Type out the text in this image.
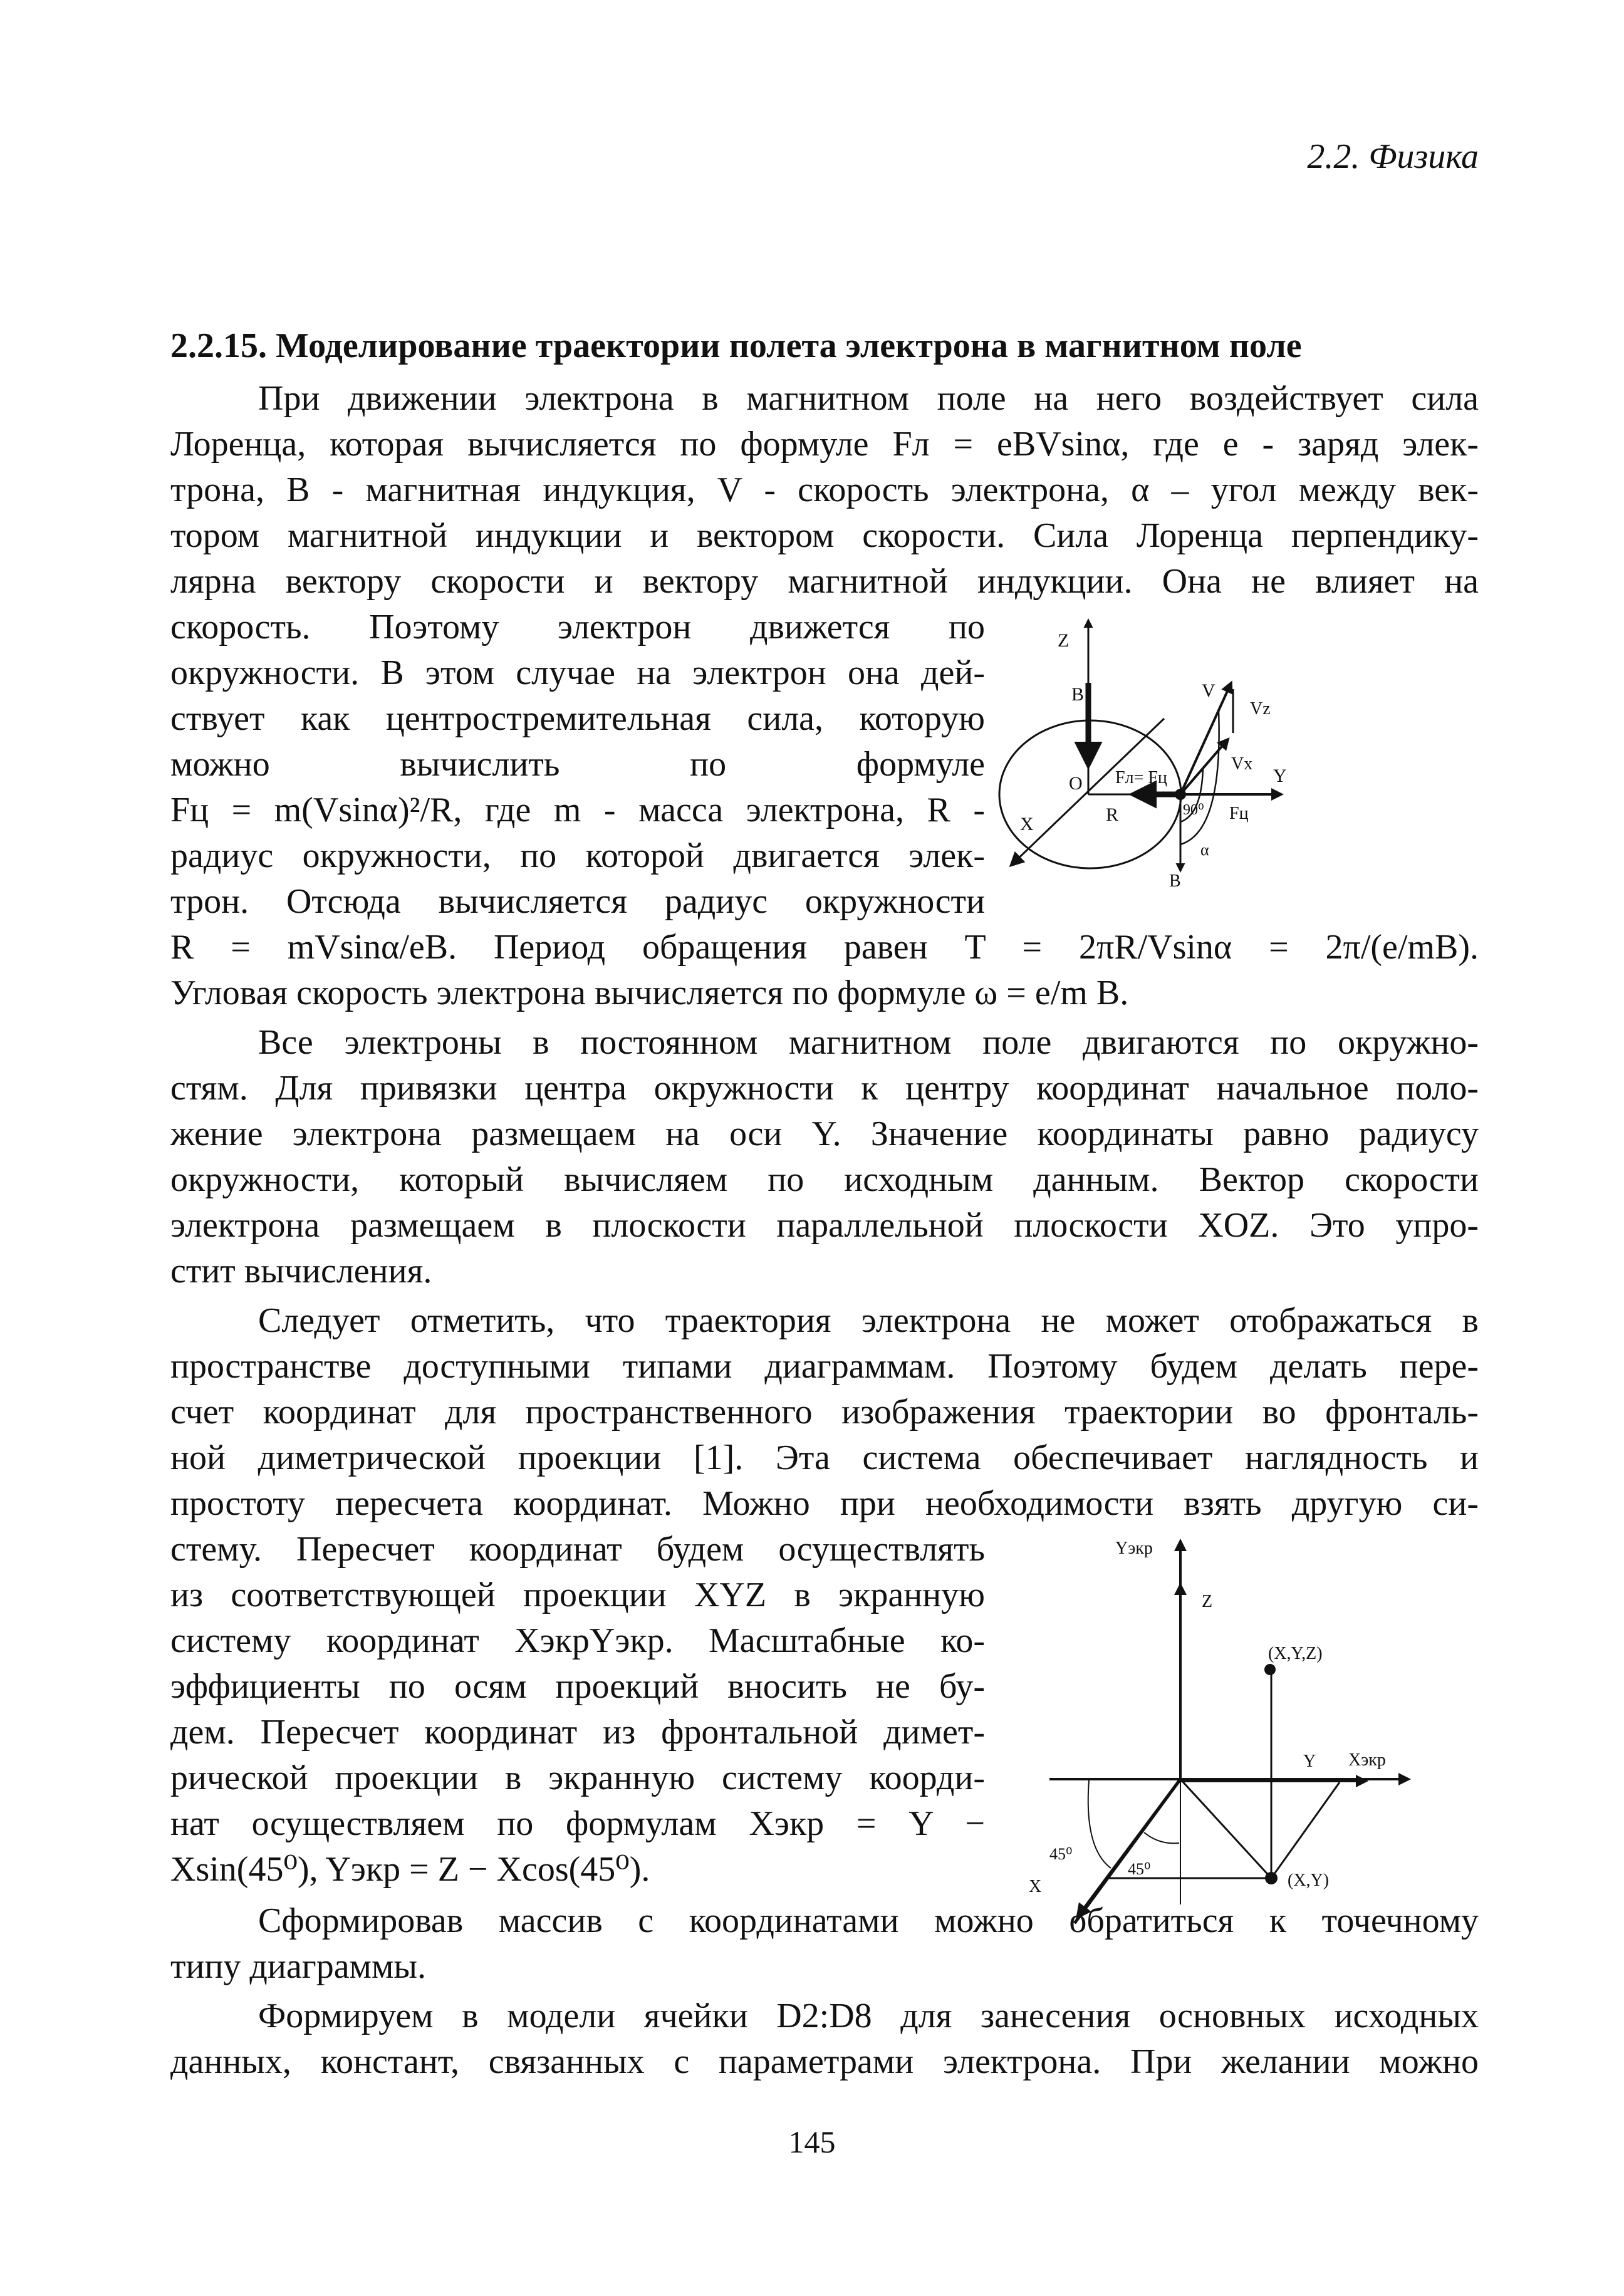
2.2. Физика
2.2.15. Моделирование траектории полета электрона в магнитном поле
При движении электрона в магнитном поле на него воздействует сила
Лоренца, которая вычисляется по формуле Fл = eBVsinα, где e - заряд элек-
трона, B - магнитная индукция, V - скорость электрона, α – угол между век-
тором магнитной индукции и вектором скорости. Сила Лоренца перпендику-
лярна вектору скорости и вектору магнитной индукции. Она не влияет на
скорость. Поэтому электрон движется по
окружности. В этом случае на электрон она дей-
ствует как центростремительная сила, которую
можно вычислить по формуле
Fц = m(Vsinα)²/R, где m - масса электрона, R -
радиус окружности, по которой двигается элек-
трон. Отсюда вычисляется радиус окружности
R = mVsinα/eB. Период обращения равен T = 2πR/Vsinα = 2π/(e/mB).
Угловая скорость электрона вычисляется по формуле ω = e/m B.
Все электроны в постоянном магнитном поле двигаются по окружно-
стям. Для привязки центра окружности к центру координат начальное поло-
жение электрона размещаем на оси Y. Значение координаты равно радиусу
окружности, который вычисляем по исходным данным. Вектор скорости
электрона размещаем в плоскости параллельной плоскости XOZ. Это упро-
стит вычисления.
Следует отметить, что траектория электрона не может отображаться в
пространстве доступными типами диаграммам. Поэтому будем делать пере-
счет координат для пространственного изображения траектории во фронталь-
ной диметрической проекции [1]. Эта система обеспечивает наглядность и
простоту пересчета координат. Можно при необходимости взять другую си-
стему. Пересчет координат будем осуществлять
из соответствующей проекции XYZ в экранную
систему координат XэкрYэкр. Масштабные ко-
эффициенты по осям проекций вносить не бу-
дем. Пересчет координат из фронтальной димет-
рической проекции в экранную систему коорди-
нат осуществляем по формулам Xэкр = Y −
Xsin(45⁰), Yэкр = Z − Xcos(45⁰).
Сформировав массив с координатами можно обратиться к точечному
типу диаграммы.
Формируем в модели ячейки D2:D8 для занесения основных исходных
данных, констант, связанных с параметрами электрона. При желании можно
Z
B
O Fл= Fц
R
X
V
Vz
Vx
Y
Fц
90⁰
α
B
Yэкр
Z
(X,Y,Z)
Y Xэкр
45⁰
45⁰
(X,Y)
X
145
